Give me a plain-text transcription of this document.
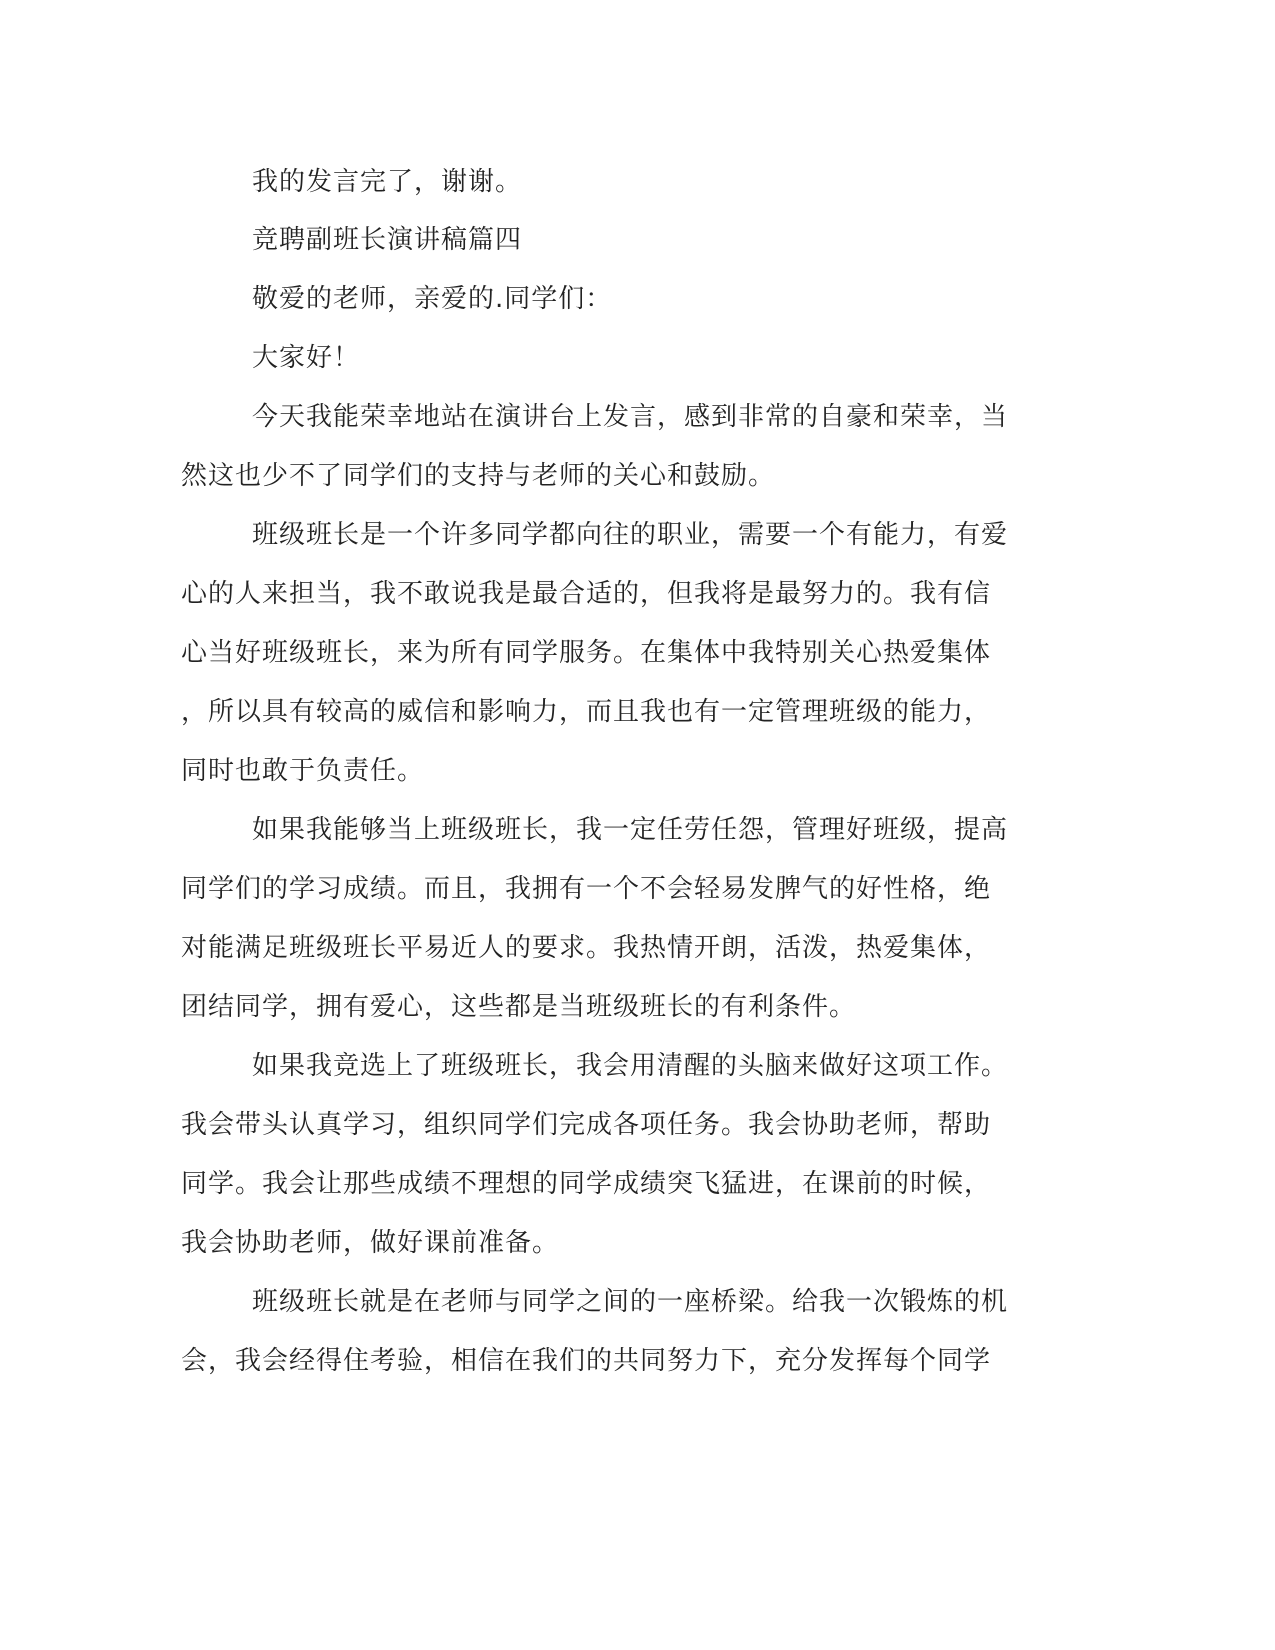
我的发言完了，谢谢。
竞聘副班长演讲稿篇四
敬爱的老师，亲爱的.同学们：
大家好！
今天我能荣幸地站在演讲台上发言，感到非常的自豪和荣幸，当
然这也少不了同学们的支持与老师的关心和鼓励。
班级班长是一个许多同学都向往的职业，需要一个有能力，有爱
心的人来担当，我不敢说我是最合适的，但我将是最努力的。我有信
心当好班级班长，来为所有同学服务。在集体中我特别关心热爱集体
，所以具有较高的威信和影响力，而且我也有一定管理班级的能力，
同时也敢于负责任。
如果我能够当上班级班长，我一定任劳任怨，管理好班级，提高
同学们的学习成绩。而且，我拥有一个不会轻易发脾气的好性格，绝
对能满足班级班长平易近人的要求。我热情开朗，活泼，热爱集体，
团结同学，拥有爱心，这些都是当班级班长的有利条件。
如果我竞选上了班级班长，我会用清醒的头脑来做好这项工作。
我会带头认真学习，组织同学们完成各项任务。我会协助老师，帮助
同学。我会让那些成绩不理想的同学成绩突飞猛进，在课前的时候，
我会协助老师，做好课前准备。
班级班长就是在老师与同学之间的一座桥梁。给我一次锻炼的机
会，我会经得住考验，相信在我们的共同努力下，充分发挥每个同学
